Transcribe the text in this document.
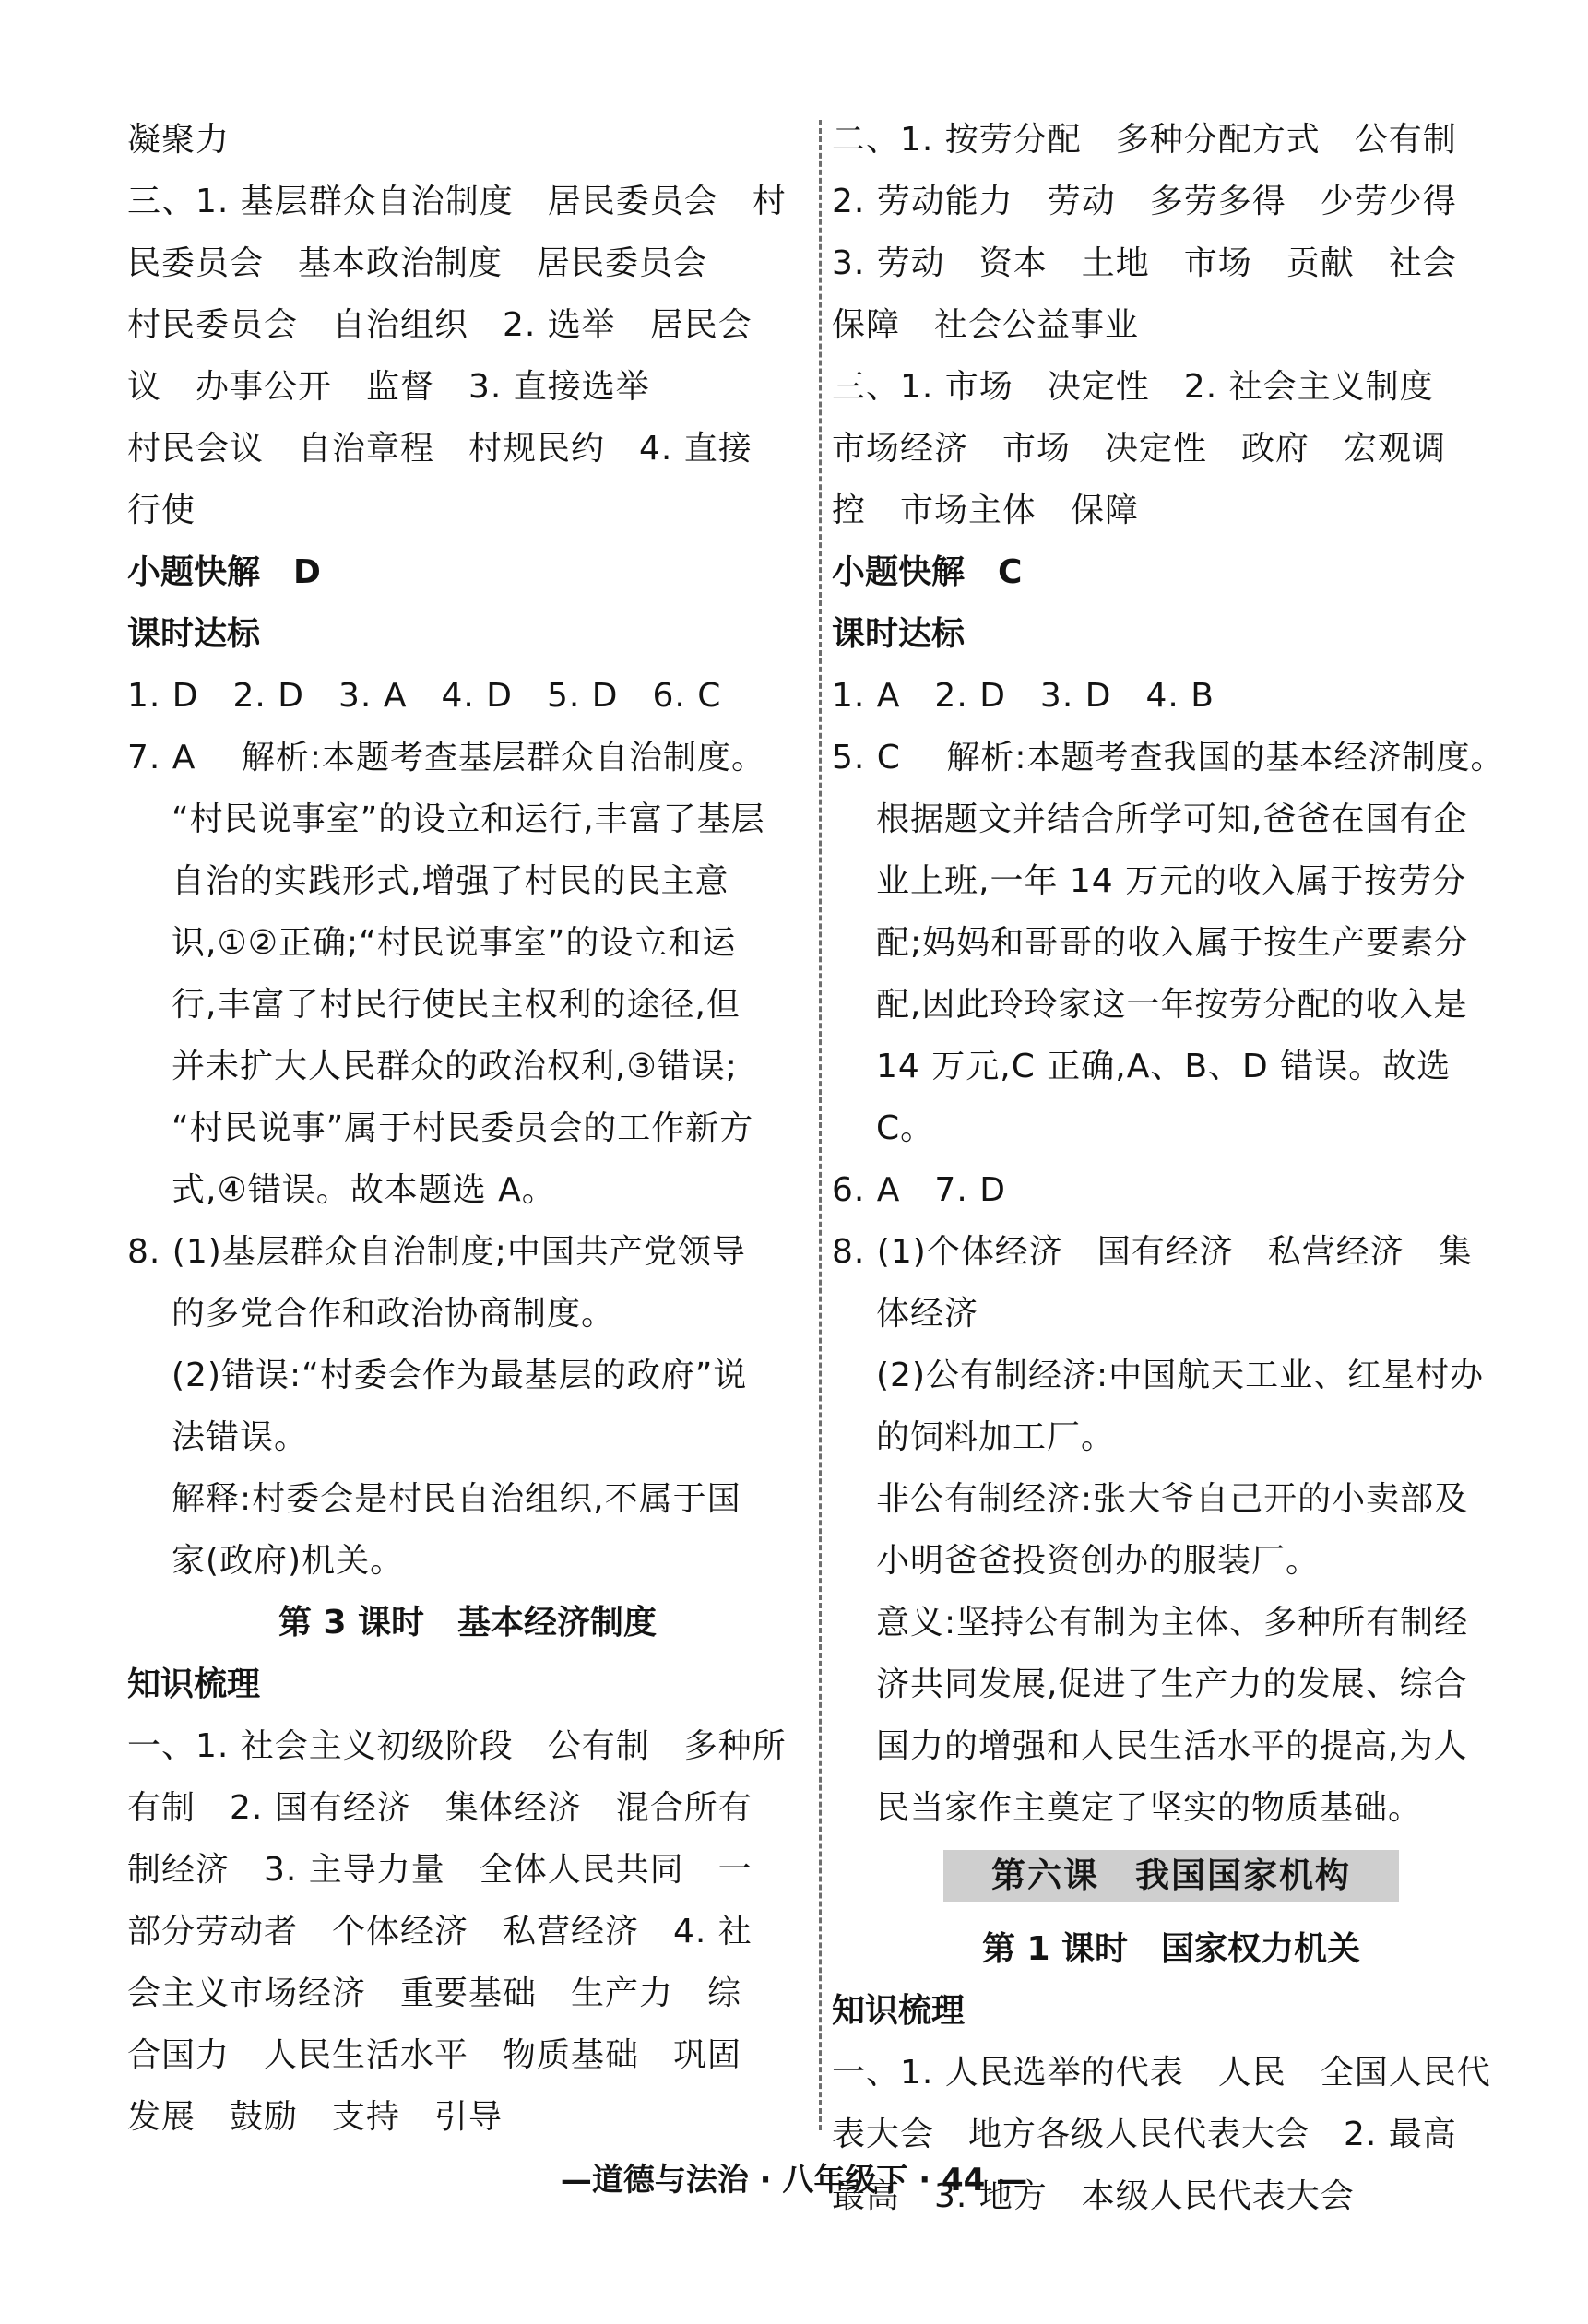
凝聚力
三、1. 基层群众自治制度　居民委员会　村
民委员会　基本政治制度　居民委员会
村民委员会　自治组织　2. 选举　居民会
议　办事公开　监督　3. 直接选举
村民会议　自治章程　村规民约　4. 直接
行使
小题快解　D
课时达标
1. D　2. D　3. A　4. D　5. D　6. C
7. A　 解析:本题考查基层群众自治制度。
“村民说事室”的设立和运行,丰富了基层
自治的实践形式,增强了村民的民主意
识,①②正确;“村民说事室”的设立和运
行,丰富了村民行使民主权利的途径,但
并未扩大人民群众的政治权利,③错误;
“村民说事”属于村民委员会的工作新方
式,④错误。故本题选 A。
8. (1)基层群众自治制度;中国共产党领导
的多党合作和政治协商制度。
(2)错误:“村委会作为最基层的政府”说
法错误。
解释:村委会是村民自治组织,不属于国
家(政府)机关。
第 3 课时　基本经济制度
知识梳理
一、1. 社会主义初级阶段　公有制　多种所
有制　2. 国有经济　集体经济　混合所有
制经济　3. 主导力量　全体人民共同　一
部分劳动者　个体经济　私营经济　4. 社
会主义市场经济　重要基础　生产力　综
合国力　人民生活水平　物质基础　巩固
发展　鼓励　支持　引导
二、1. 按劳分配　多种分配方式　公有制
2. 劳动能力　劳动　多劳多得　少劳少得
3. 劳动　资本　土地　市场　贡献　社会
保障　社会公益事业
三、1. 市场　决定性　2. 社会主义制度
市场经济　市场　决定性　政府　宏观调
控　市场主体　保障
小题快解　C
课时达标
1. A　2. D　3. D　4. B
5. C　 解析:本题考查我国的基本经济制度。
根据题文并结合所学可知,爸爸在国有企
业上班,一年 14 万元的收入属于按劳分
配;妈妈和哥哥的收入属于按生产要素分
配,因此玲玲家这一年按劳分配的收入是
14 万元,C 正确,A、B、D 错误。故选 C。
6. A　7. D
8. (1)个体经济　国有经济　私营经济　集
体经济
(2)公有制经济:中国航天工业、红星村办
的饲料加工厂。
非公有制经济:张大爷自己开的小卖部及
小明爸爸投资创办的服装厂。
意义:坚持公有制为主体、多种所有制经
济共同发展,促进了生产力的发展、综合
国力的增强和人民生活水平的提高,为人
民当家作主奠定了坚实的物质基础。
第六课　我国国家机构
第 1 课时　国家权力机关
知识梳理
一、1. 人民选举的代表　人民　全国人民代
表大会　地方各级人民代表大会　2. 最高
最高　3. 地方　本级人民代表大会
—道德与法治 · 八年级下 · 44 —
